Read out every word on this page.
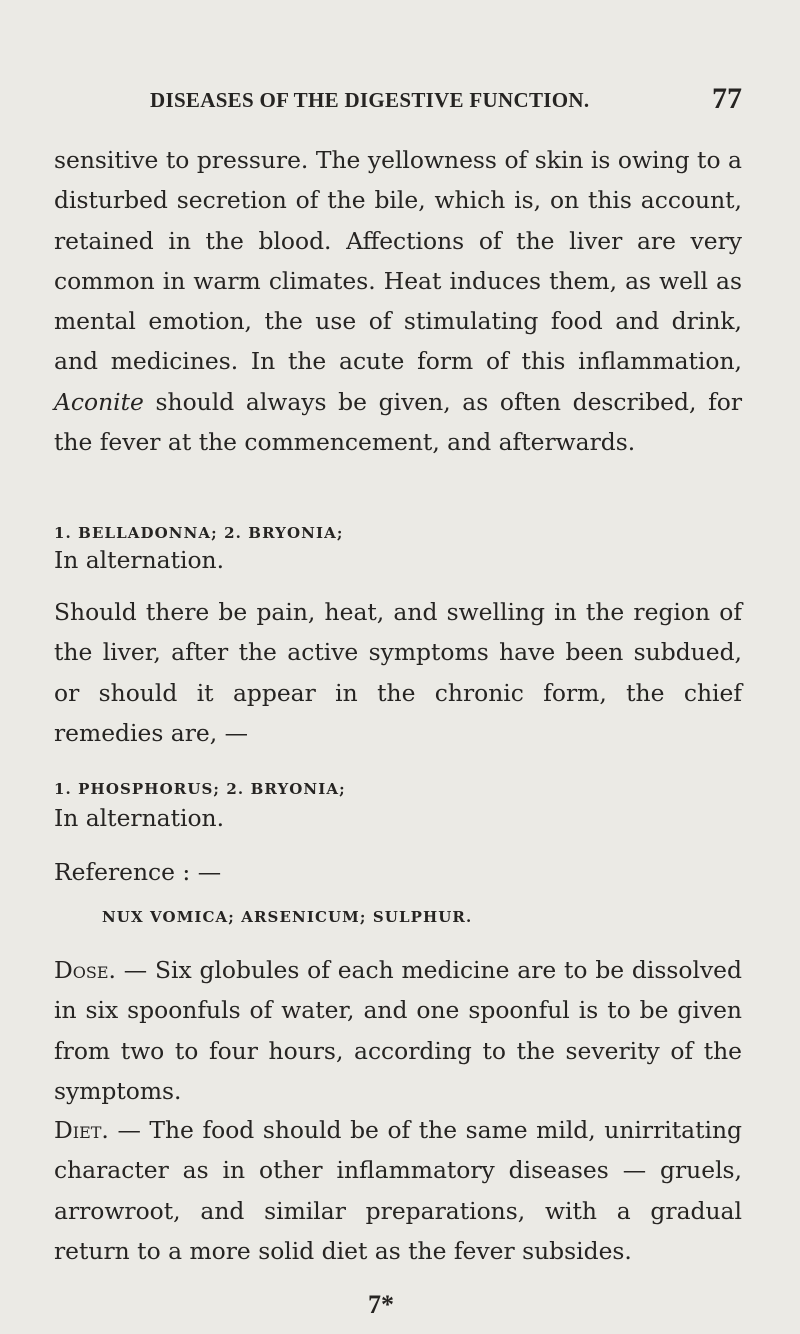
DISEASES OF THE DIGESTIVE FUNCTION.	77

sensitive to pressure. The yellowness of skin is owing to a disturbed secretion of the bile, which is, on this account, retained in the blood. Affections of the liver are very common in warm climates. Heat induces them, as well as mental emotion, the use of stimulating food and drink, and medicines. In the acute form of this inflammation, Aconite should always be given, as often described, for the fever at the commencement, and afterwards.

1. BELLADONNA; 2. BRYONIA;
In alternation.

Should there be pain, heat, and swelling in the region of the liver, after the active symptoms have been subdued, or should it appear in the chronic form, the chief remedies are, —

1. PHOSPHORUS; 2. BRYONIA;
In alternation.
Reference : —
NUX VOMICA; ARSENICUM; SULPHUR.

Dose. — Six globules of each medicine are to be dissolved in six spoonfuls of water, and one spoonful is to be given from two to four hours, according to the severity of the symptoms.

Diet. — The food should be of the same mild, unirritating character as in other inflammatory diseases — gruels, arrowroot, and similar preparations, with a gradual return to a more solid diet as the fever subsides.

7*
